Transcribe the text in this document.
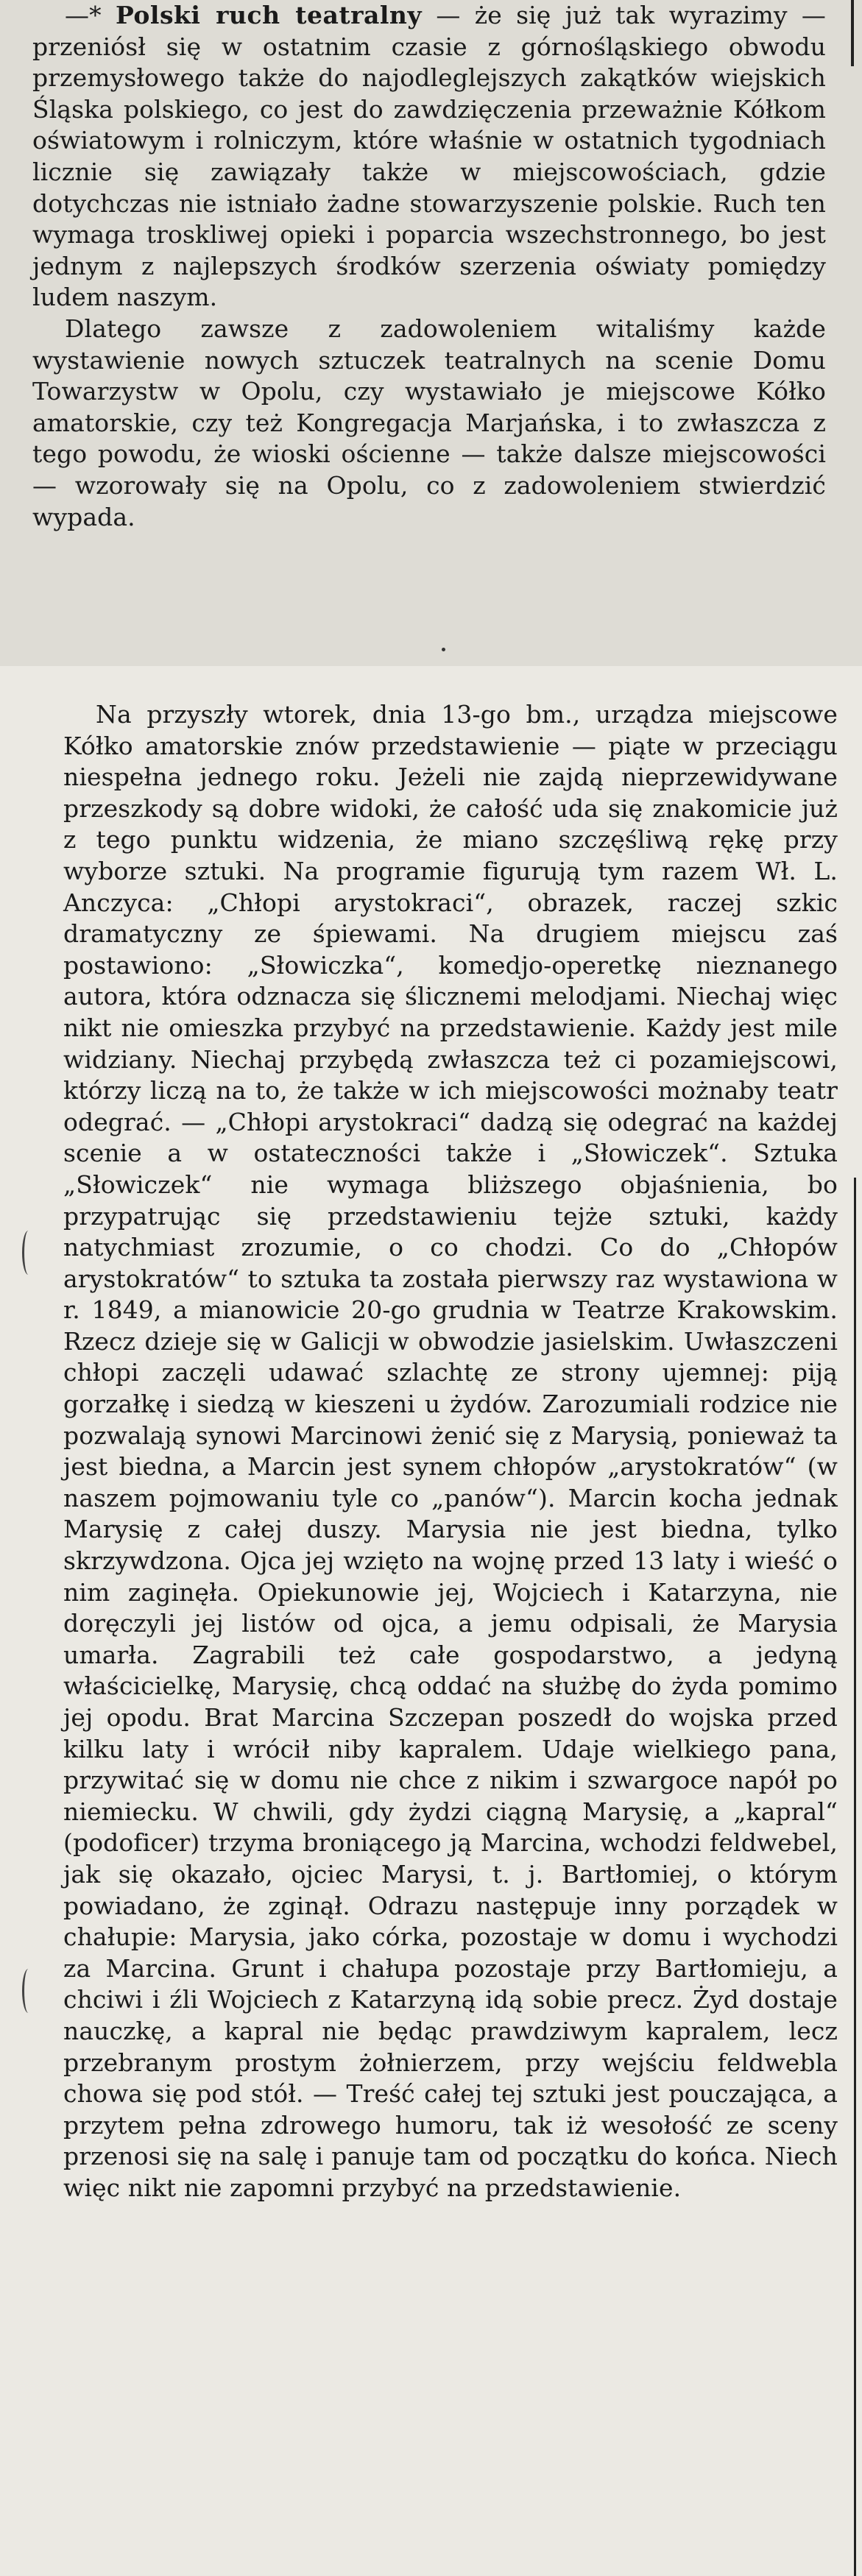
—* Polski ruch teatralny — że się już tak wyrazimy — przeniósł się w ostatnim czasie z górnośląskiego obwodu przemysłowego także do najodleglejszych zakątków wiejskich Śląska polskiego, co jest do zawdzięczenia przeważnie Kółkom oświatowym i rolniczym, które właśnie w ostatnich tygodniach licznie się zawiązały także w miejscowościach, gdzie dotychczas nie istniało żadne stowarzyszenie polskie. Ruch ten wymaga troskliwej opieki i poparcia wszechstronnego, bo jest jednym z najlepszych środków szerzenia oświaty pomiędzy ludem naszym.

Dlatego zawsze z zadowoleniem witaliśmy każde wystawienie nowych sztuczek teatralnych na scenie Domu Towarzystw w Opolu, czy wystawiało je miejscowe Kółko amatorskie, czy też Kongregacja Marjańska, i to zwłaszcza z tego powodu, że wioski ościenne — także dalsze miejscowości — wzorowały się na Opolu, co z zadowoleniem stwierdzić wypada.

Na przyszły wtorek, dnia 13-go bm., urządza miejscowe Kółko amatorskie znów przedstawienie — piąte w przeciągu niespełna jednego roku. Jeżeli nie zajdą nieprzewidywane przeszkody są dobre widoki, że całość uda się znakomicie już z tego punktu widzenia, że miano szczęśliwą rękę przy wyborze sztuki. Na programie figurują tym razem Wł. L. Anczyca: „Chłopi arystokraci“, obrazek, raczej szkic dramatyczny ze śpiewami. Na drugiem miejscu zaś postawiono: „Słowiczka“, komedjo-operetkę nieznanego autora, która odznacza się ślicznemi melodjami. Niechaj więc nikt nie omieszka przybyć na przedstawienie. Każdy jest mile widziany. Niechaj przybędą zwłaszcza też ci pozamiejscowi, którzy liczą na to, że także w ich miejscowości możnaby teatr odegrać. — „Chłopi arystokraci“ dadzą się odegrać na każdej scenie a w ostateczności także i „Słowiczek“. Sztuka „Słowiczek“ nie wymaga bliższego objaśnienia, bo przypatrując się przedstawieniu tejże sztuki, każdy natychmiast zrozumie, o co chodzi. Co do „Chłopów arystokratów“ to sztuka ta została pierwszy raz wystawiona w r. 1849, a mianowicie 20-go grudnia w Teatrze Krakowskim. Rzecz dzieje się w Galicji w obwodzie jasielskim. Uwłaszczeni chłopi zaczęli udawać szlachtę ze strony ujemnej: piją gorzałkę i siedzą w kieszeni u żydów. Zarozumiali rodzice nie pozwalają synowi Marcinowi żenić się z Marysią, ponieważ ta jest biedna, a Marcin jest synem chłopów „arystokratów“ (w naszem pojmowaniu tyle co „panów“). Marcin kocha jednak Marysię z całej duszy. Marysia nie jest biedna, tylko skrzywdzona. Ojca jej wzięto na wojnę przed 13 laty i wieść o nim zaginęła. Opiekunowie jej, Wojciech i Katarzyna, nie doręczyli jej listów od ojca, a jemu odpisali, że Marysia umarła. Zagrabili też całe gospodarstwo, a jedyną właścicielkę, Marysię, chcą oddać na służbę do żyda pomimo jej opodu. Brat Marcina Szczepan poszedł do wojska przed kilku laty i wrócił niby kapralem. Udaje wielkiego pana, przywitać się w domu nie chce z nikim i szwargoce napół po niemiecku. W chwili, gdy żydzi ciągną Marysię, a „kapral“ (podoficer) trzyma broniącego ją Marcina, wchodzi feldwebel, jak się okazało, ojciec Marysi, t. j. Bartłomiej, o którym powiadano, że zginął. Odrazu następuje inny porządek w chałupie: Marysia, jako córka, pozostaje w domu i wychodzi za Marcina. Grunt i chałupa pozostaje przy Bartłomieju, a chciwi i źli Wojciech z Katarzyną idą sobie precz. Żyd dostaje nauczkę, a kapral nie będąc prawdziwym kapralem, lecz przebranym prostym żołnierzem, przy wejściu feldwebla chowa się pod stół. — Treść całej tej sztuki jest pouczająca, a przytem pełna zdrowego humoru, tak iż wesołość ze sceny przenosi się na salę i panuje tam od początku do końca. Niech więc nikt nie zapomni przybyć na przedstawienie.
